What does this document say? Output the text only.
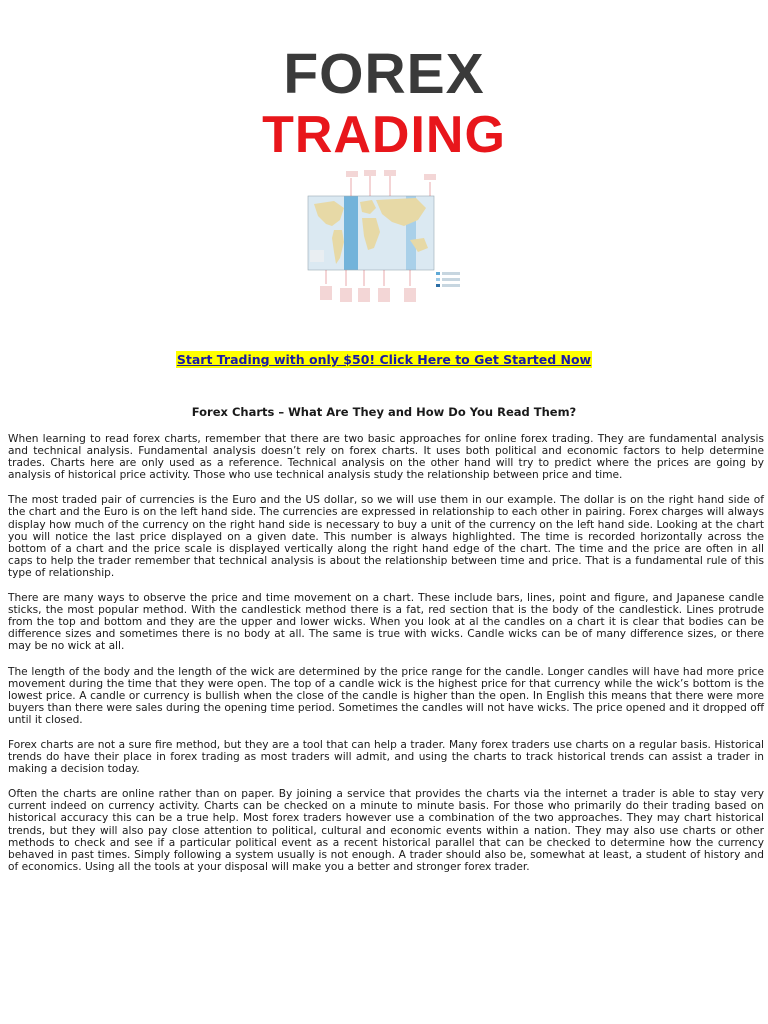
FOREX
TRADING
Start Trading with only $50! Click Here to Get Started Now
Forex Charts – What Are They and How Do You Read Them?

When learning to read forex charts, remember that there are two basic approaches for online forex trading. They are fundamental analysis and technical analysis. Fundamental analysis doesn’t rely on forex charts. It uses both political and economic factors to help determine trades. Charts here are only used as a reference. Technical analysis on the other hand will try to predict where the prices are going by analysis of historical price activity. Those who use technical analysis study the relationship between price and time.

The most traded pair of currencies is the Euro and the US dollar, so we will use them in our example. The dollar is on the right hand side of the chart and the Euro is on the left hand side. The currencies are expressed in relationship to each other in pairing. Forex charges will always display how much of the currency on the right hand side is necessary to buy a unit of the currency on the left hand side. Looking at the chart you will notice the last price displayed on a given date. This number is always highlighted. The time is recorded horizontally across the bottom of a chart and the price scale is displayed vertically along the right hand edge of the chart. The time and the price are often in all caps to help the trader remember that technical analysis is about the relationship between time and price. That is a fundamental rule of this type of relationship.

There are many ways to observe the price and time movement on a chart. These include bars, lines, point and figure, and Japanese candle sticks, the most popular method. With the candlestick method there is a fat, red section that is the body of the candlestick. Lines protrude from the top and bottom and they are the upper and lower wicks. When you look at al the candles on a chart it is clear that bodies can be difference sizes and sometimes there is no body at all. The same is true with wicks. Candle wicks can be of many difference sizes, or there may be no wick at all.

The length of the body and the length of the wick are determined by the price range for the candle. Longer candles will have had more price movement during the time that they were open. The top of a candle wick is the highest price for that currency while the wick’s bottom is the lowest price. A candle or currency is bullish when the close of the candle is higher than the open. In English this means that there were more buyers than there were sales during the opening time period. Sometimes the candles will not have wicks. The price opened and it dropped off until it closed.

Forex charts are not a sure fire method, but they are a tool that can help a trader. Many forex traders use charts on a regular basis. Historical trends do have their place in forex trading as most traders will admit, and using the charts to track historical trends can assist a trader in making a decision today.

Often the charts are online rather than on paper. By joining a service that provides the charts via the internet a trader is able to stay very current indeed on currency activity. Charts can be checked on a minute to minute basis. For those who primarily do their trading based on historical accuracy this can be a true help. Most forex traders however use a combination of the two approaches. They may chart historical trends, but they will also pay close attention to political, cultural and economic events within a nation. They may also use charts or other methods to check and see if a particular political event as a recent historical parallel that can be checked to determine how the currency behaved in past times. Simply following a system usually is not enough. A trader should also be, somewhat at least, a student of history and of economics. Using all the tools at your disposal will make you a better and stronger forex trader.
